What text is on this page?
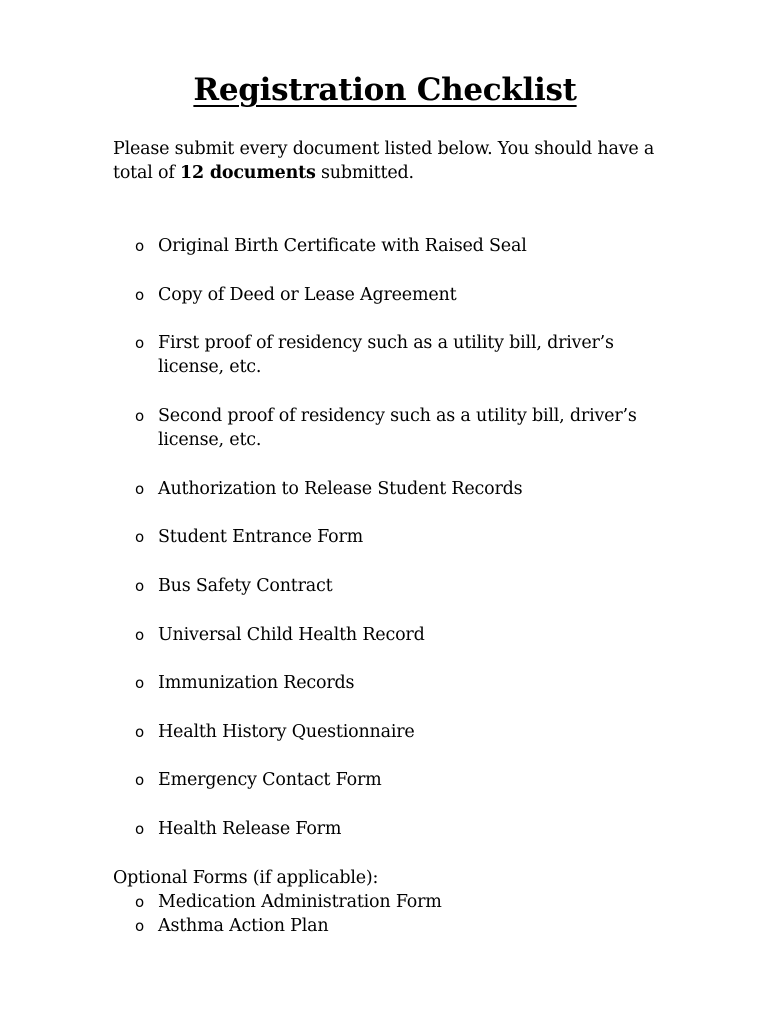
Registration Checklist
Please submit every document listed below. You should have a total of 12 documents submitted.
o Original Birth Certificate with Raised Seal
o Copy of Deed or Lease Agreement
o First proof of residency such as a utility bill, driver’s license, etc.
o Second proof of residency such as a utility bill, driver’s license, etc.
o Authorization to Release Student Records
o Student Entrance Form
o Bus Safety Contract
o Universal Child Health Record
o Immunization Records
o Health History Questionnaire
o Emergency Contact Form
o Health Release Form
Optional Forms (if applicable):
o Medication Administration Form
o Asthma Action Plan
